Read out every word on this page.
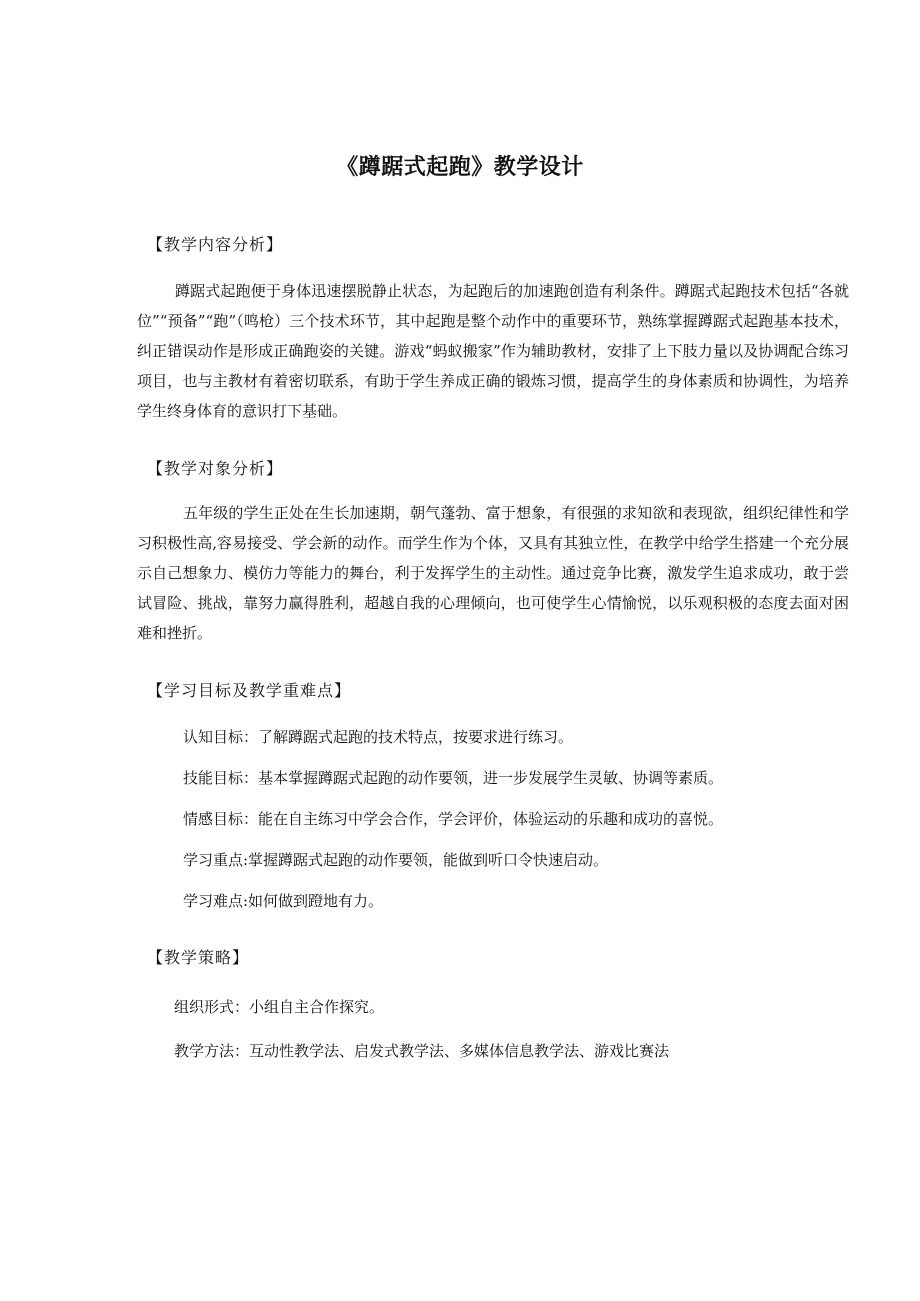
《蹲踞式起跑》教学设计
【教学内容分析】
蹲踞式起跑便于身体迅速摆脱静止状态，为起跑后的加速跑创造有利条件。蹲踞式起跑技术包括“各就位”“预备”“跑”（鸣枪）三个技术环节，其中起跑是整个动作中的重要环节，熟练掌握蹲踞式起跑基本技术，纠正错误动作是形成正确跑姿的关键。游戏“蚂蚁搬家”作为辅助教材，安排了上下肢力量以及协调配合练习项目，也与主教材有着密切联系，有助于学生养成正确的锻炼习惯，提高学生的身体素质和协调性，为培养学生终身体育的意识打下基础。
【教学对象分析】
五年级的学生正处在生长加速期，朝气蓬勃、富于想象，有很强的求知欲和表现欲，组织纪律性和学习积极性高,容易接受、学会新的动作。而学生作为个体，又具有其独立性，在教学中给学生搭建一个充分展示自己想象力、模仿力等能力的舞台，利于发挥学生的主动性。通过竞争比赛，激发学生追求成功，敢于尝试冒险、挑战，靠努力赢得胜利，超越自我的心理倾向，也可使学生心情愉悦，以乐观积极的态度去面对困难和挫折。
【学习目标及教学重难点】
认知目标：了解蹲踞式起跑的技术特点，按要求进行练习。
技能目标：基本掌握蹲踞式起跑的动作要领，进一步发展学生灵敏、协调等素质。
情感目标：能在自主练习中学会合作，学会评价，体验运动的乐趣和成功的喜悦。
学习重点:掌握蹲踞式起跑的动作要领，能做到听口令快速启动。
学习难点:如何做到蹬地有力。
【教学策略】
组织形式：小组自主合作探究。
教学方法：互动性教学法、启发式教学法、多媒体信息教学法、游戏比赛法
